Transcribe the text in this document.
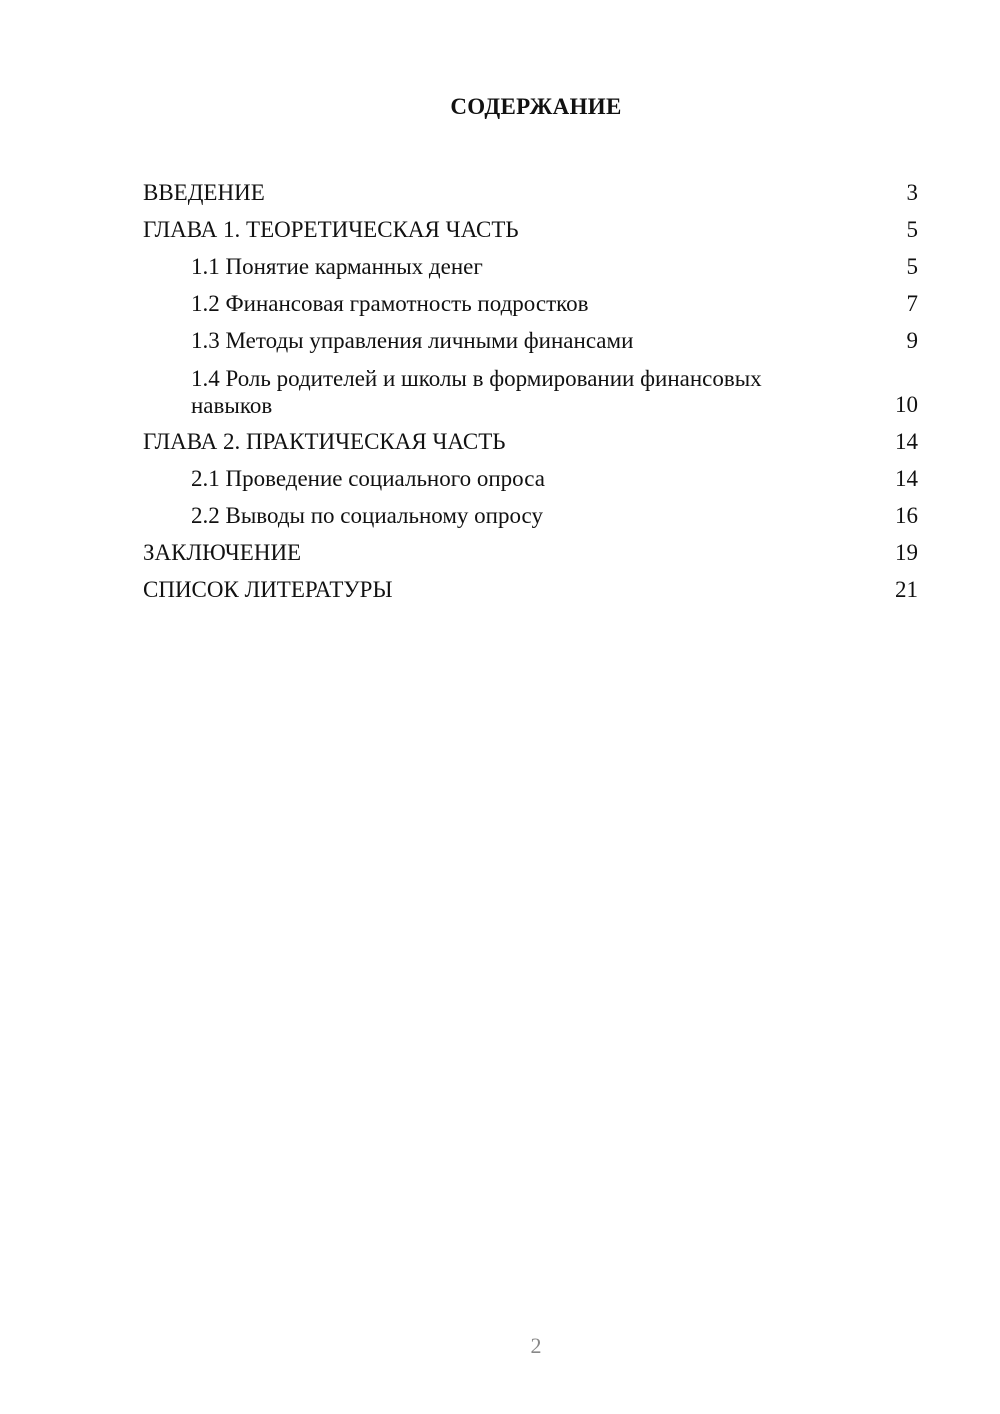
СОДЕРЖАНИЕ
ВВЕДЕНИЕ	3
ГЛАВА 1. ТЕОРЕТИЧЕСКАЯ ЧАСТЬ	5
1.1 Понятие карманных денег	5
1.2 Финансовая грамотность подростков	7
1.3 Методы управления личными финансами	9
1.4 Роль родителей и школы в формировании финансовых навыков	10
ГЛАВА 2. ПРАКТИЧЕСКАЯ ЧАСТЬ	14
2.1 Проведение социального опроса	14
2.2 Выводы по социальному опросу	16
ЗАКЛЮЧЕНИЕ	19
СПИСОК ЛИТЕРАТУРЫ	21

2
